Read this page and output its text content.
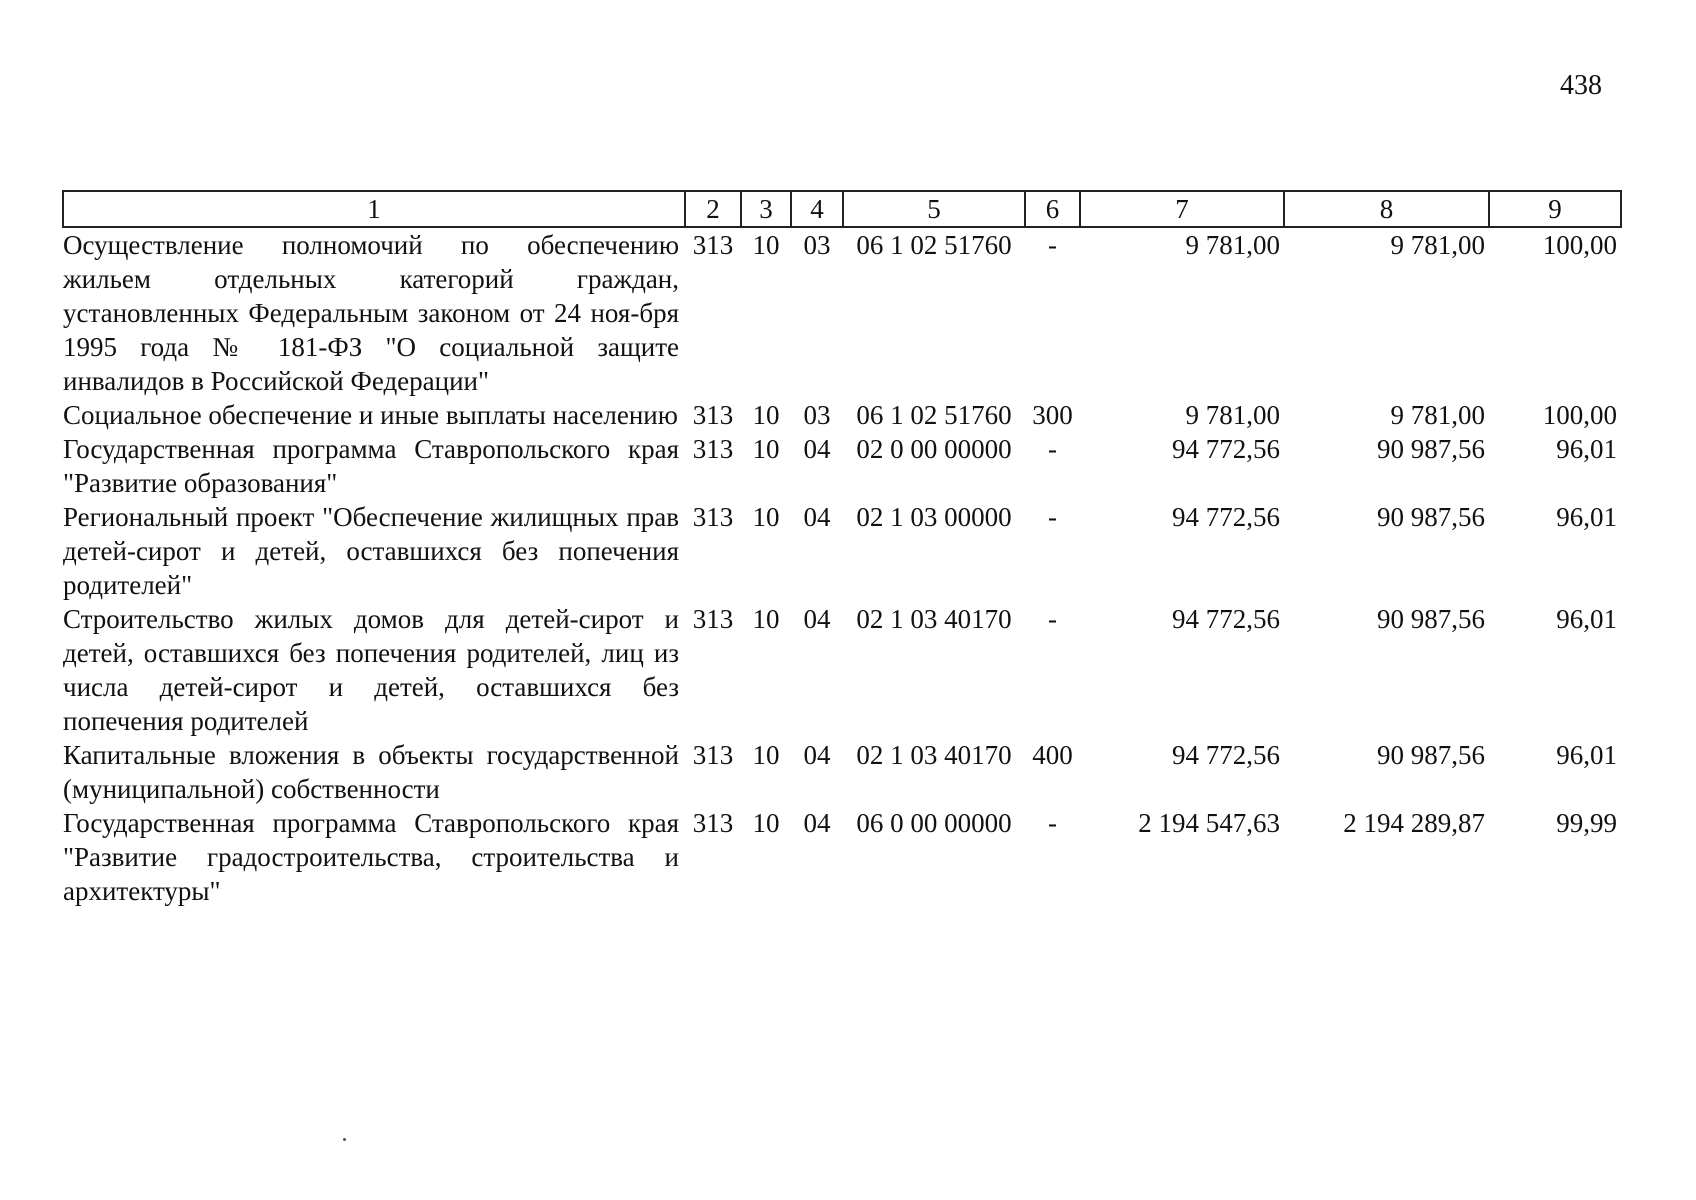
438
1	2	3	4	5	6	7	8	9
Осуществление полномочий по обеспечению жильем отдельных категорий граждан, установленных Федеральным законом от 24 ноя-бря 1995 года № 181-ФЗ "О социальной защите инвалидов в Российской Федерации"	313	10	03	06 1 02 51760	-	9 781,00	9 781,00	100,00
Социальное обеспечение и иные выплаты населению	313	10	03	06 1 02 51760	300	9 781,00	9 781,00	100,00
Государственная программа Ставропольского края "Развитие образования"	313	10	04	02 0 00 00000	-	94 772,56	90 987,56	96,01
Региональный проект "Обеспечение жилищных прав детей-сирот и детей, оставшихся без попечения родителей"	313	10	04	02 1 03 00000	-	94 772,56	90 987,56	96,01
Строительство жилых домов для детей-сирот и детей, оставшихся без попечения родителей, лиц из числа детей-сирот и детей, оставшихся без попечения родителей	313	10	04	02 1 03 40170	-	94 772,56	90 987,56	96,01
Капитальные вложения в объекты государственной (муниципальной) собственности	313	10	04	02 1 03 40170	400	94 772,56	90 987,56	96,01
Государственная программа Ставропольского края "Развитие градостроительства, строительства и архитектуры"	313	10	04	06 0 00 00000	-	2 194 547,63	2 194 289,87	99,99
